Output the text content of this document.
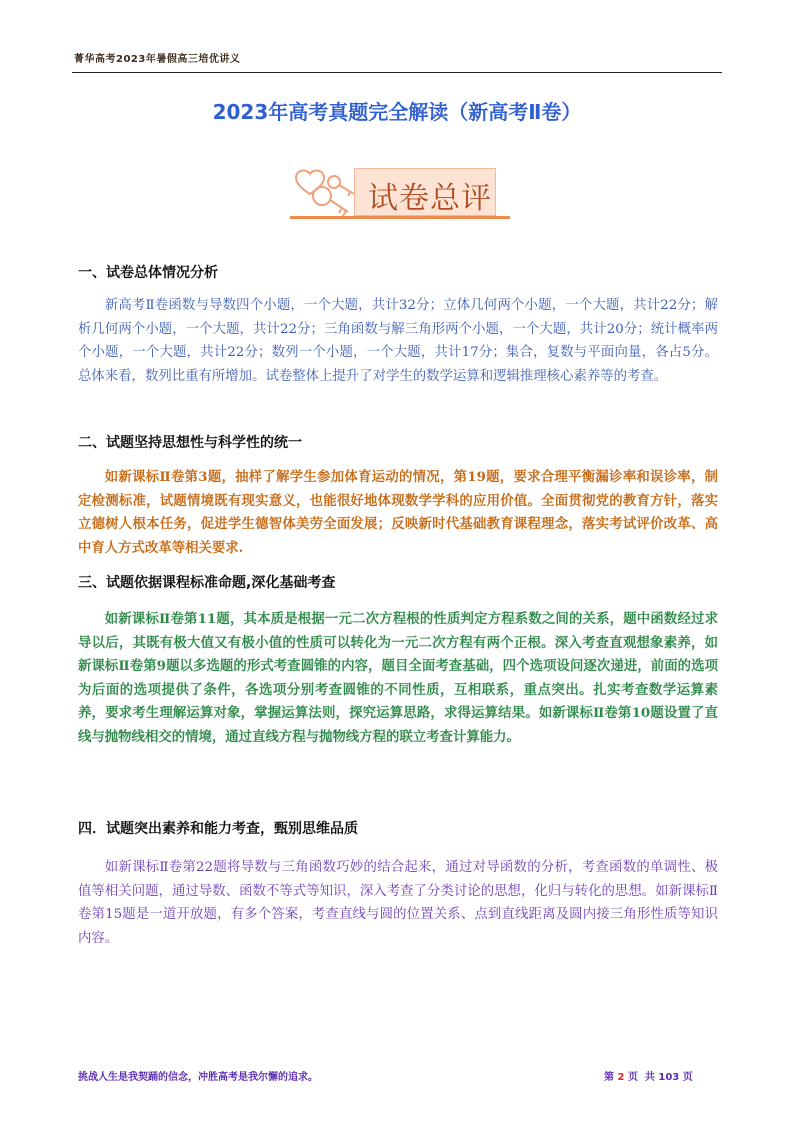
菁华高考2023年暑假高三培优讲义
2023年高考真题完全解读（新高考Ⅱ卷）
试卷总评
一、试卷总体情况分析

新高考Ⅱ卷函数与导数四个小题，一个大题，共计32分；立体几何两个小题，一个大题，共计22分；解析几何两个小题，一个大题，共计22分；三角函数与解三角形两个小题，一个大题，共计20分；统计概率两个小题，一个大题，共计22分；数列一个小题，一个大题，共计17分；集合，复数与平面向量，各占5分。总体来看，数列比重有所增加。试卷整体上提升了对学生的数学运算和逻辑推理核心素养等的考查。

二、试题坚持思想性与科学性的统一

如新课标Ⅱ卷第3题，抽样了解学生参加体育运动的情况，第19题，要求合理平衡漏诊率和误诊率，制定检测标准，试题情境既有现实意义，也能很好地体现数学学科的应用价值。全面贯彻党的教育方针，落实立德树人根本任务，促进学生德智体美劳全面发展；反映新时代基础教育课程理念，落实考试评价改革、高中育人方式改革等相关要求.

三、试题依据课程标准命题,深化基础考查

如新课标Ⅱ卷第11题，其本质是根据一元二次方程根的性质判定方程系数之间的关系，题中函数经过求导以后，其既有极大值又有极小值的性质可以转化为一元二次方程有两个正根。深入考查直观想象素养，如新课标Ⅱ卷第9题以多选题的形式考查圆锥的内容，题目全面考查基础，四个选项设问逐次递进，前面的选项为后面的选项提供了条件，各选项分别考查圆锥的不同性质，互相联系，重点突出。扎实考查数学运算素养，要求考生理解运算对象，掌握运算法则，探究运算思路，求得运算结果。如新课标Ⅱ卷第10题设置了直线与抛物线相交的情境，通过直线方程与抛物线方程的联立考查计算能力。

四．试题突出素养和能力考查，甄别思维品质

如新课标Ⅱ卷第22题将导数与三角函数巧妙的结合起来，通过对导函数的分析，考查函数的单调性、极值等相关问题，通过导数、函数不等式等知识，深入考查了分类讨论的思想，化归与转化的思想。如新课标Ⅱ卷第15题是一道开放题，有多个答案，考查直线与圆的位置关系、点到直线距离及圆内接三角形性质等知识内容。

挑战人生是我契踊的信念，冲胜高考是我尔懈的追求。	第 2 页  共 103 页
